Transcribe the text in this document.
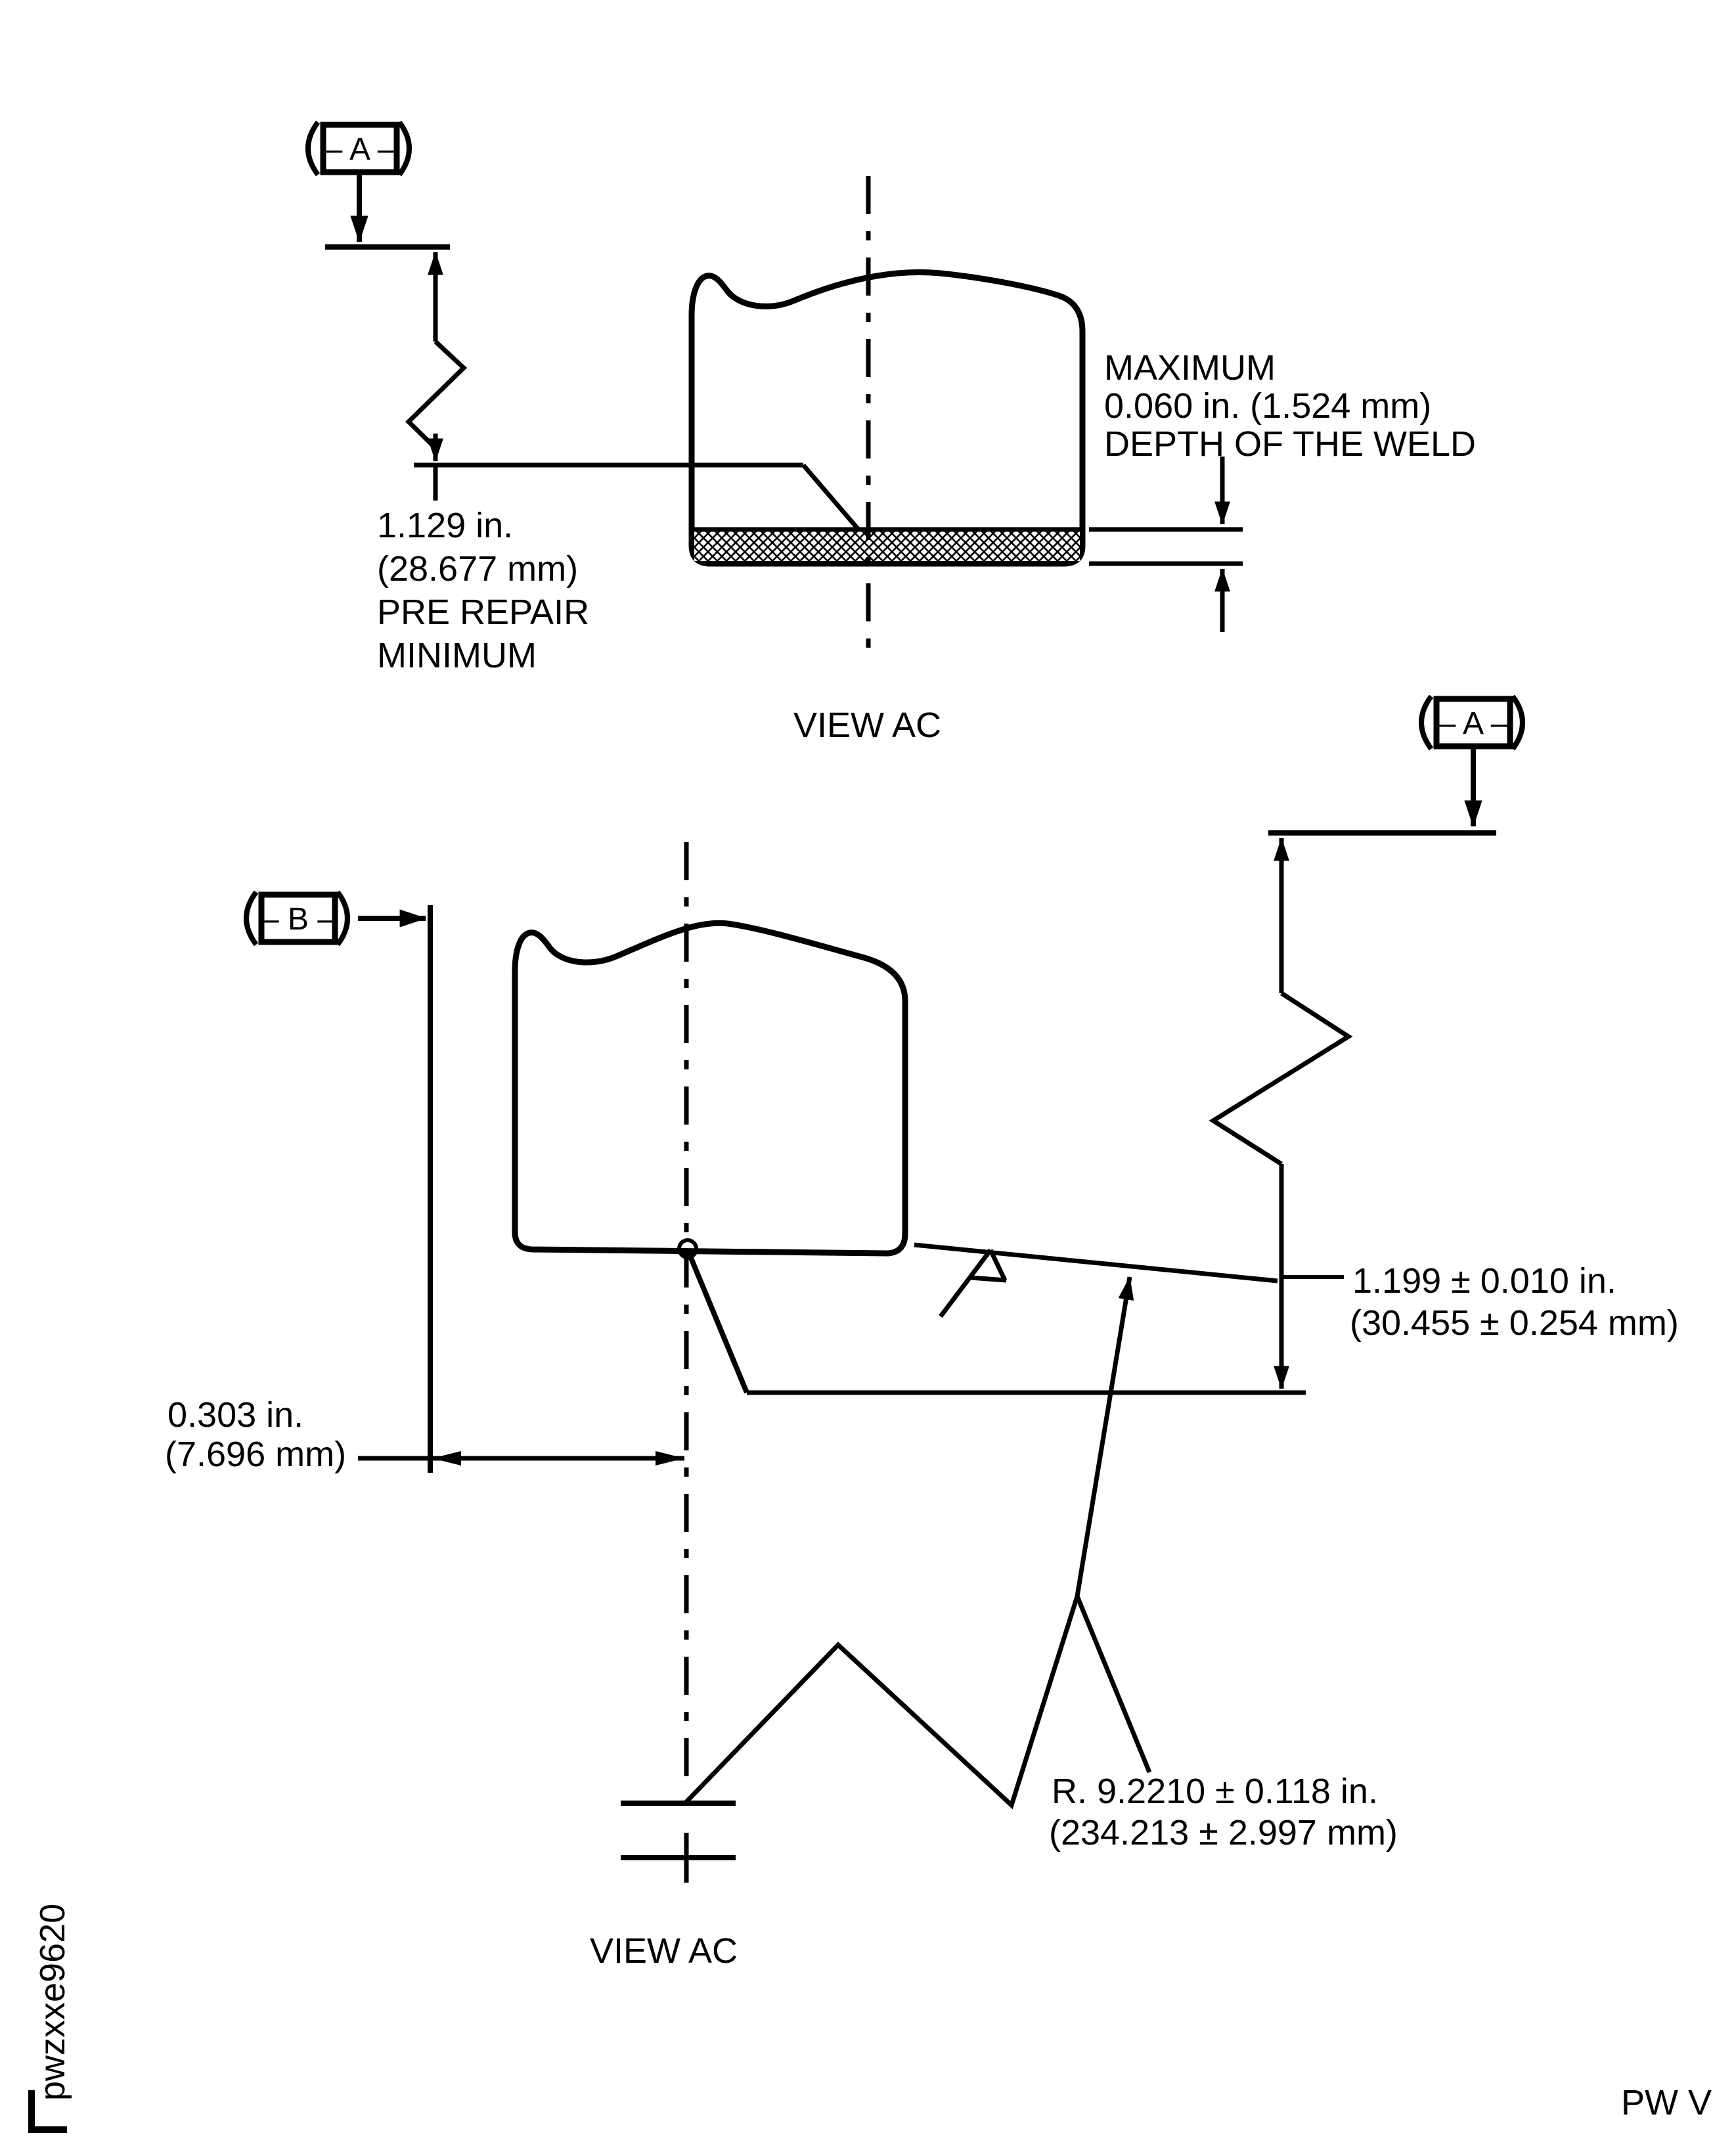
– A –
1.129 in.
(28.677 mm)
PRE REPAIR
MINIMUM
MAXIMUM
0.060 in. (1.524 mm)
DEPTH OF THE WELD
VIEW AC	– A –
– B –
1.199 ± 0.010 in.
(30.455 ± 0.254 mm)
0.303 in.
(7.696 mm)
R. 9.2210 ± 0.118 in.
(234.213 ± 2.997 mm)
VIEW AC
pwzxxe9620
PW V
